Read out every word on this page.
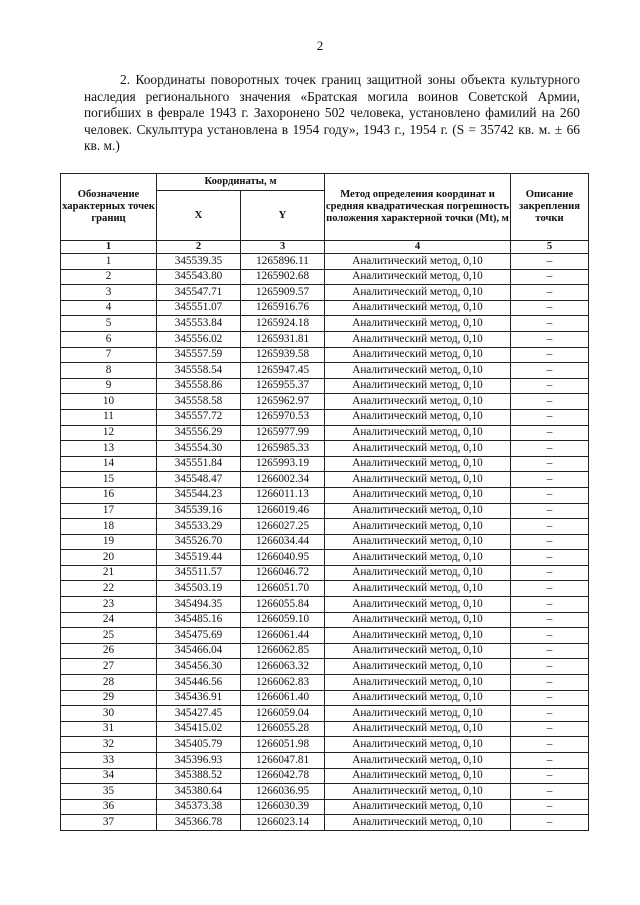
2
2. Координаты поворотных точек границ защитной зоны объекта культурного наследия регионального значения «Братская могила воинов Советской Армии, погибших в феврале 1943 г. Захоронено 502 человека, установлено фамилий на 260 человек. Скульптура установлена в 1954 году», 1943 г., 1954 г. (S = 35742 кв. м. ± 66 кв. м.)
Обозначение характерных точек границ	Координаты, м		Метод определения координат и средняя квадратическая погрешность положения характерной точки (Mt), м	Описание закрепления точки
	X	Y		
1	2	3	4	5
1	345539.35	1265896.11	Аналитический метод, 0,10	–
2	345543.80	1265902.68	Аналитический метод, 0,10	–
3	345547.71	1265909.57	Аналитический метод, 0,10	–
4	345551.07	1265916.76	Аналитический метод, 0,10	–
5	345553.84	1265924.18	Аналитический метод, 0,10	–
6	345556.02	1265931.81	Аналитический метод, 0,10	–
7	345557.59	1265939.58	Аналитический метод, 0,10	–
8	345558.54	1265947.45	Аналитический метод, 0,10	–
9	345558.86	1265955.37	Аналитический метод, 0,10	–
10	345558.58	1265962.97	Аналитический метод, 0,10	–
11	345557.72	1265970.53	Аналитический метод, 0,10	–
12	345556.29	1265977.99	Аналитический метод, 0,10	–
13	345554.30	1265985.33	Аналитический метод, 0,10	–
14	345551.84	1265993.19	Аналитический метод, 0,10	–
15	345548.47	1266002.34	Аналитический метод, 0,10	–
16	345544.23	1266011.13	Аналитический метод, 0,10	–
17	345539.16	1266019.46	Аналитический метод, 0,10	–
18	345533.29	1266027.25	Аналитический метод, 0,10	–
19	345526.70	1266034.44	Аналитический метод, 0,10	–
20	345519.44	1266040.95	Аналитический метод, 0,10	–
21	345511.57	1266046.72	Аналитический метод, 0,10	–
22	345503.19	1266051.70	Аналитический метод, 0,10	–
23	345494.35	1266055.84	Аналитический метод, 0,10	–
24	345485.16	1266059.10	Аналитический метод, 0,10	–
25	345475.69	1266061.44	Аналитический метод, 0,10	–
26	345466.04	1266062.85	Аналитический метод, 0,10	–
27	345456.30	1266063.32	Аналитический метод, 0,10	–
28	345446.56	1266062.83	Аналитический метод, 0,10	–
29	345436.91	1266061.40	Аналитический метод, 0,10	–
30	345427.45	1266059.04	Аналитический метод, 0,10	–
31	345415.02	1266055.28	Аналитический метод, 0,10	–
32	345405.79	1266051.98	Аналитический метод, 0,10	–
33	345396.93	1266047.81	Аналитический метод, 0,10	–
34	345388.52	1266042.78	Аналитический метод, 0,10	–
35	345380.64	1266036.95	Аналитический метод, 0,10	–
36	345373.38	1266030.39	Аналитический метод, 0,10	–
37	345366.78	1266023.14	Аналитический метод, 0,10	–
